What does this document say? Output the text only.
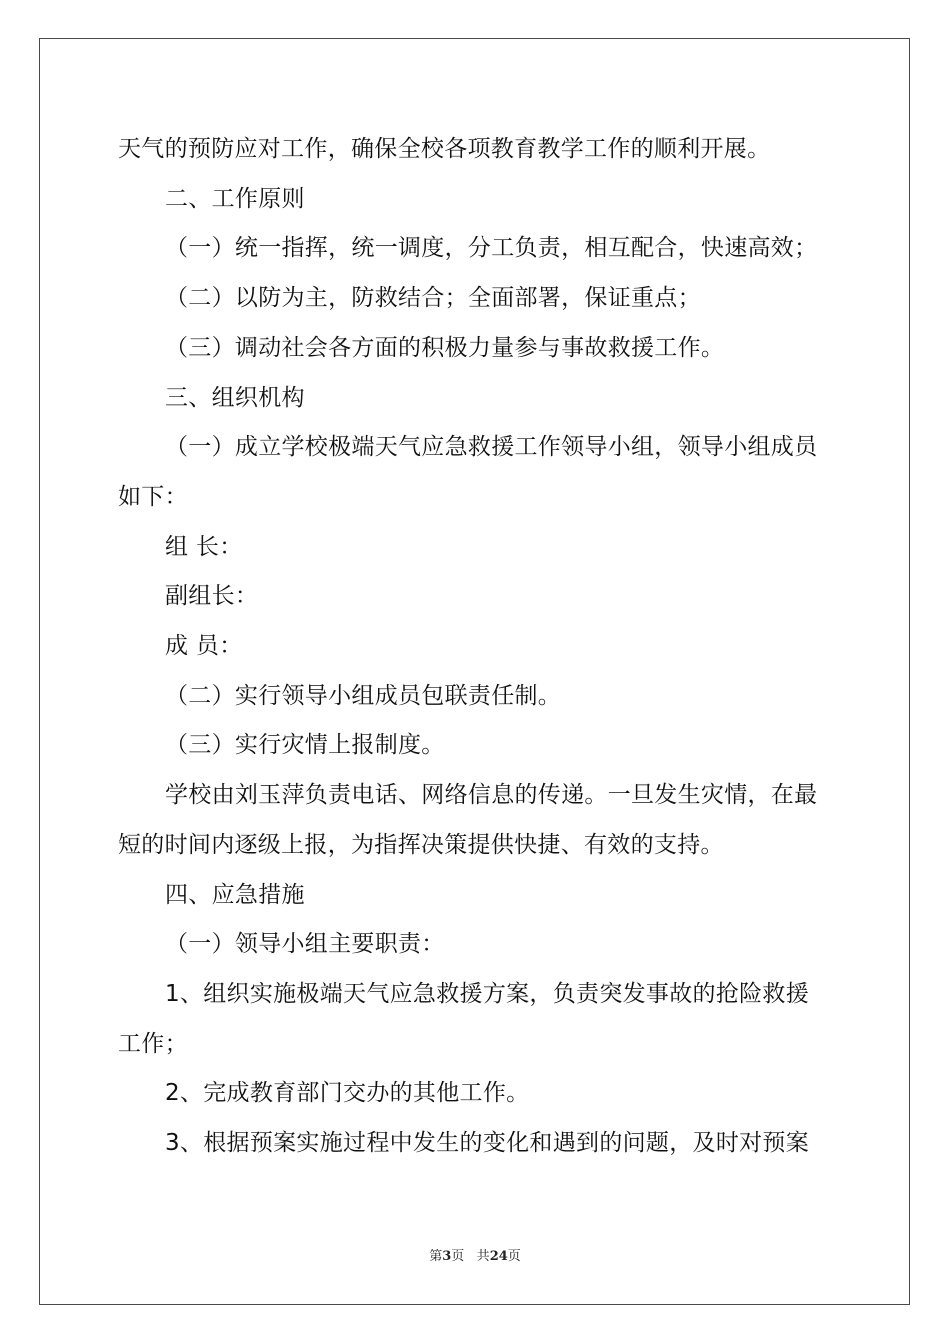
天气的预防应对工作，确保全校各项教育教学工作的顺利开展。
二、工作原则
（一）统一指挥，统一调度，分工负责，相互配合，快速高效；
（二）以防为主，防救结合；全面部署，保证重点；
（三）调动社会各方面的积极力量参与事故救援工作。
三、组织机构
（一）成立学校极端天气应急救援工作领导小组，领导小组成员
如下：
组 长：
副组长：
成 员：
（二）实行领导小组成员包联责任制。
（三）实行灾情上报制度。
学校由刘玉萍负责电话、网络信息的传递。一旦发生灾情，在最
短的时间内逐级上报，为指挥决策提供快捷、有效的支持。
四、应急措施
（一）领导小组主要职责：
1、组织实施极端天气应急救援方案，负责突发事故的抢险救援
工作；
2、完成教育部门交办的其他工作。
3、根据预案实施过程中发生的变化和遇到的问题，及时对预案
第3页 共24页
